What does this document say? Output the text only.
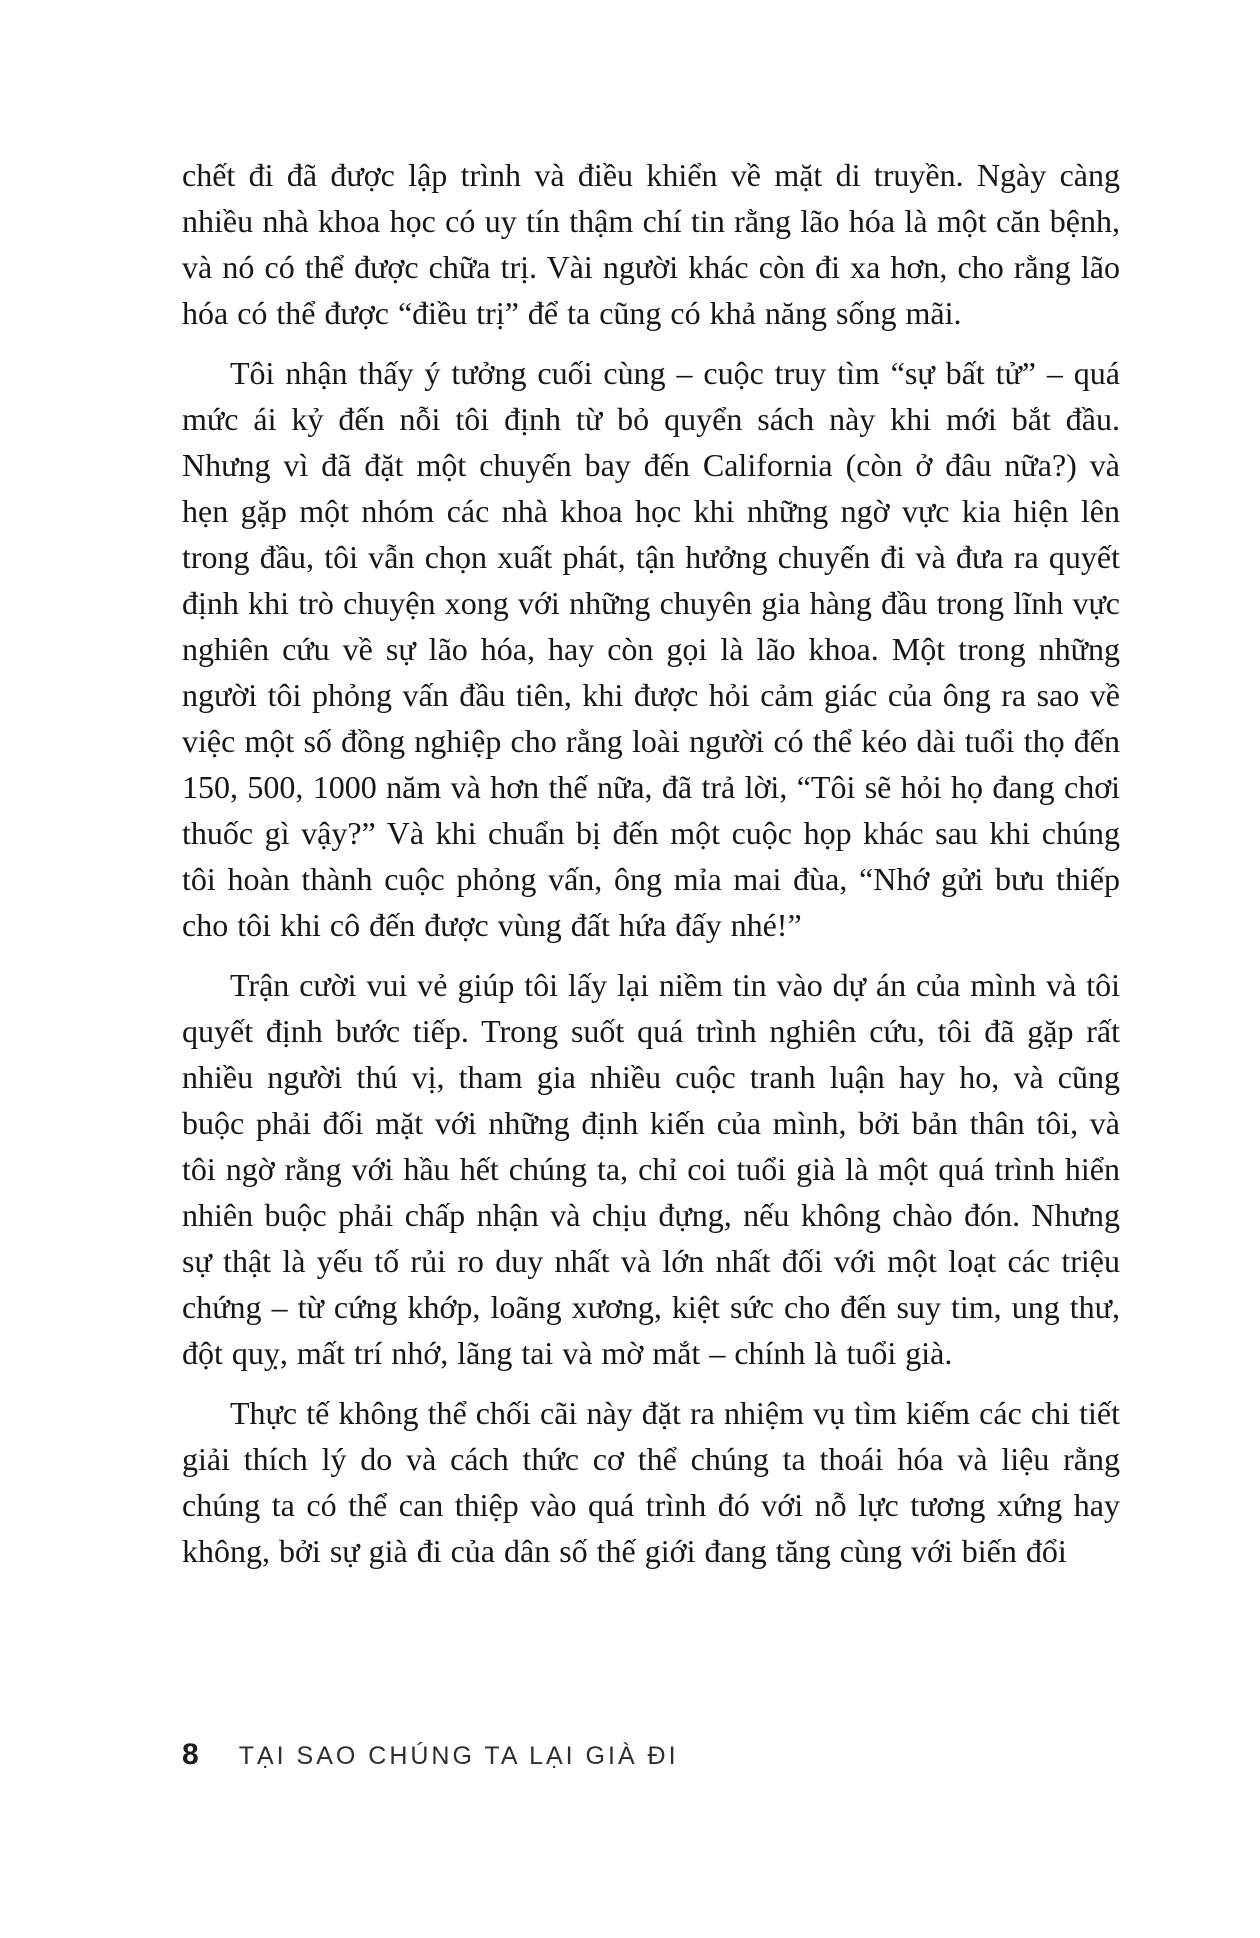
chết đi đã được lập trình và điều khiển về mặt di truyền. Ngày càng nhiều nhà khoa học có uy tín thậm chí tin rằng lão hóa là một căn bệnh, và nó có thể được chữa trị. Vài người khác còn đi xa hơn, cho rằng lão hóa có thể được “điều trị” để ta cũng có khả năng sống mãi.

Tôi nhận thấy ý tưởng cuối cùng – cuộc truy tìm “sự bất tử” – quá mức ái kỷ đến nỗi tôi định từ bỏ quyển sách này khi mới bắt đầu. Nhưng vì đã đặt một chuyến bay đến California (còn ở đâu nữa?) và hẹn gặp một nhóm các nhà khoa học khi những ngờ vực kia hiện lên trong đầu, tôi vẫn chọn xuất phát, tận hưởng chuyến đi và đưa ra quyết định khi trò chuyện xong với những chuyên gia hàng đầu trong lĩnh vực nghiên cứu về sự lão hóa, hay còn gọi là lão khoa. Một trong những người tôi phỏng vấn đầu tiên, khi được hỏi cảm giác của ông ra sao về việc một số đồng nghiệp cho rằng loài người có thể kéo dài tuổi thọ đến 150, 500, 1000 năm và hơn thế nữa, đã trả lời, “Tôi sẽ hỏi họ đang chơi thuốc gì vậy?” Và khi chuẩn bị đến một cuộc họp khác sau khi chúng tôi hoàn thành cuộc phỏng vấn, ông mỉa mai đùa, “Nhớ gửi bưu thiếp cho tôi khi cô đến được vùng đất hứa đấy nhé!”

Trận cười vui vẻ giúp tôi lấy lại niềm tin vào dự án của mình và tôi quyết định bước tiếp. Trong suốt quá trình nghiên cứu, tôi đã gặp rất nhiều người thú vị, tham gia nhiều cuộc tranh luận hay ho, và cũng buộc phải đối mặt với những định kiến của mình, bởi bản thân tôi, và tôi ngờ rằng với hầu hết chúng ta, chỉ coi tuổi già là một quá trình hiển nhiên buộc phải chấp nhận và chịu đựng, nếu không chào đón. Nhưng sự thật là yếu tố rủi ro duy nhất và lớn nhất đối với một loạt các triệu chứng – từ cứng khớp, loãng xương, kiệt sức cho đến suy tim, ung thư, đột quỵ, mất trí nhớ, lãng tai và mờ mắt – chính là tuổi già.

Thực tế không thể chối cãi này đặt ra nhiệm vụ tìm kiếm các chi tiết giải thích lý do và cách thức cơ thể chúng ta thoái hóa và liệu rằng chúng ta có thể can thiệp vào quá trình đó với nỗ lực tương xứng hay không, bởi sự già đi của dân số thế giới đang tăng cùng với biến đổi

8 TẠI SAO CHÚNG TA LẠI GIÀ ĐI
